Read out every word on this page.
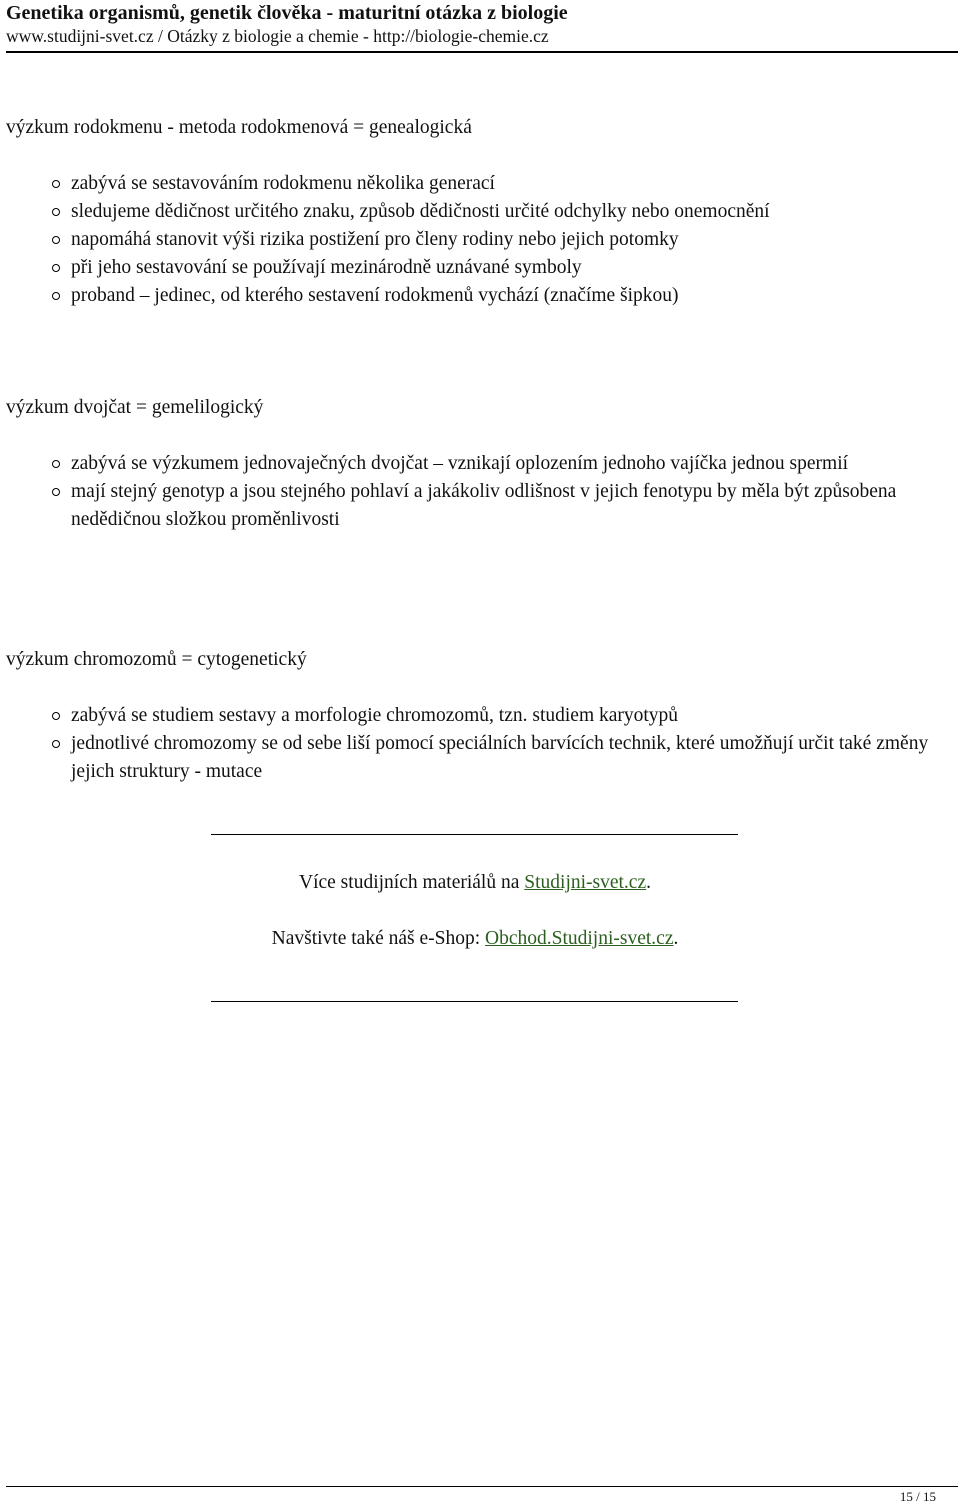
Genetika organismů, genetik člověka - maturitní otázka z biologie
www.studijni-svet.cz / Otázky z biologie a chemie - http://biologie-chemie.cz

výzkum rodokmenu - metoda rodokmenová = genealogická

zabývá se sestavováním rodokmenu několika generací
sledujeme dědičnost určitého znaku, způsob dědičnosti určité odchylky nebo onemocnění
napomáhá stanovit výši rizika postižení pro členy rodiny nebo jejich potomky
při jeho sestavování se používají mezinárodně uznávané symboly
proband – jedinec, od kterého sestavení rodokmenů vychází (značíme šipkou)

výzkum dvojčat = gemelilogický

zabývá se výzkumem jednovaječných dvojčat – vznikají oplozením jednoho vajíčka jednou spermií
mají stejný genotyp a jsou stejného pohlaví a jakákoliv odlišnost v jejich fenotypu by měla být způsobena nedědičnou složkou proměnlivosti

výzkum chromozomů = cytogenetický

zabývá se studiem sestavy a morfologie chromozomů, tzn. studiem karyotypů
jednotlivé chromozomy se od sebe liší pomocí speciálních barvících technik, které umožňují určit také změny jejich struktury - mutace
Více studijních materiálů na Studijni-svet.cz.
Navštivte také náš e-Shop: Obchod.Studijni-svet.cz.
15 / 15
